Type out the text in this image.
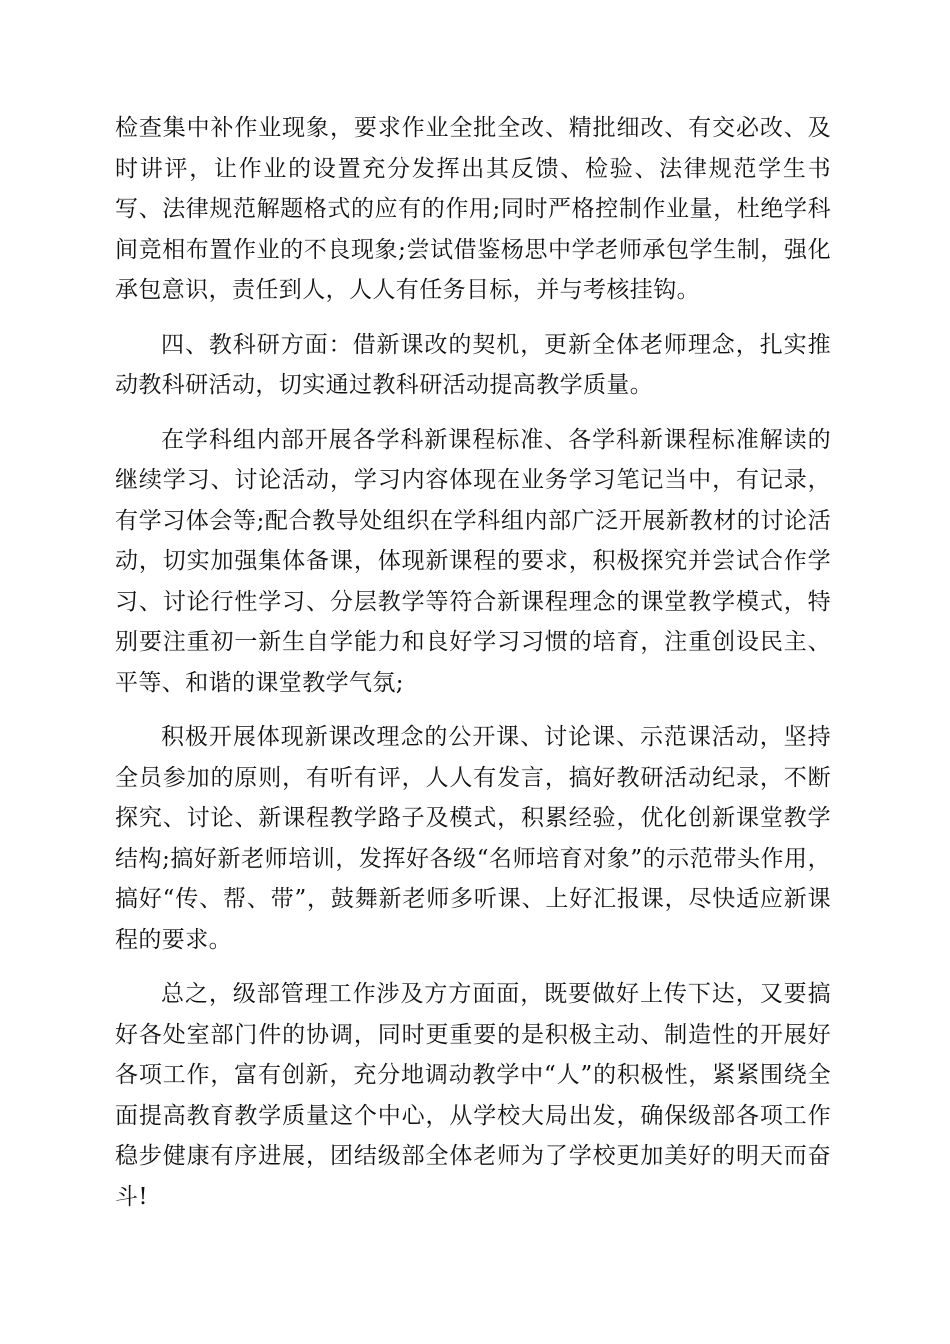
检查集中补作业现象，要求作业全批全改、精批细改、有交必改、及时讲评，让作业的设置充分发挥出其反馈、检验、法律规范学生书写、法律规范解题格式的应有的作用;同时严格控制作业量，杜绝学科间竞相布置作业的不良现象;尝试借鉴杨思中学老师承包学生制，强化承包意识，责任到人，人人有任务目标，并与考核挂钩。

四、教科研方面：借新课改的契机，更新全体老师理念，扎实推动教科研活动，切实通过教科研活动提高教学质量。

在学科组内部开展各学科新课程标准、各学科新课程标准解读的继续学习、讨论活动，学习内容体现在业务学习笔记当中，有记录，有学习体会等;配合教导处组织在学科组内部广泛开展新教材的讨论活动，切实加强集体备课，体现新课程的要求，积极探究并尝试合作学习、讨论行性学习、分层教学等符合新课程理念的课堂教学模式，特别要注重初一新生自学能力和良好学习习惯的培育，注重创设民主、平等、和谐的课堂教学气氛;

积极开展体现新课改理念的公开课、讨论课、示范课活动，坚持全员参加的原则，有听有评，人人有发言，搞好教研活动纪录，不断探究、讨论、新课程教学路子及模式，积累经验，优化创新课堂教学结构;搞好新老师培训，发挥好各级“名师培育对象”的示范带头作用，搞好“传、帮、带”，鼓舞新老师多听课、上好汇报课，尽快适应新课程的要求。

总之，级部管理工作涉及方方面面，既要做好上传下达，又要搞好各处室部门件的协调，同时更重要的是积极主动、制造性的开展好各项工作，富有创新，充分地调动教学中“人”的积极性，紧紧围绕全面提高教育教学质量这个中心，从学校大局出发，确保级部各项工作稳步健康有序进展，团结级部全体老师为了学校更加美好的明天而奋斗!
